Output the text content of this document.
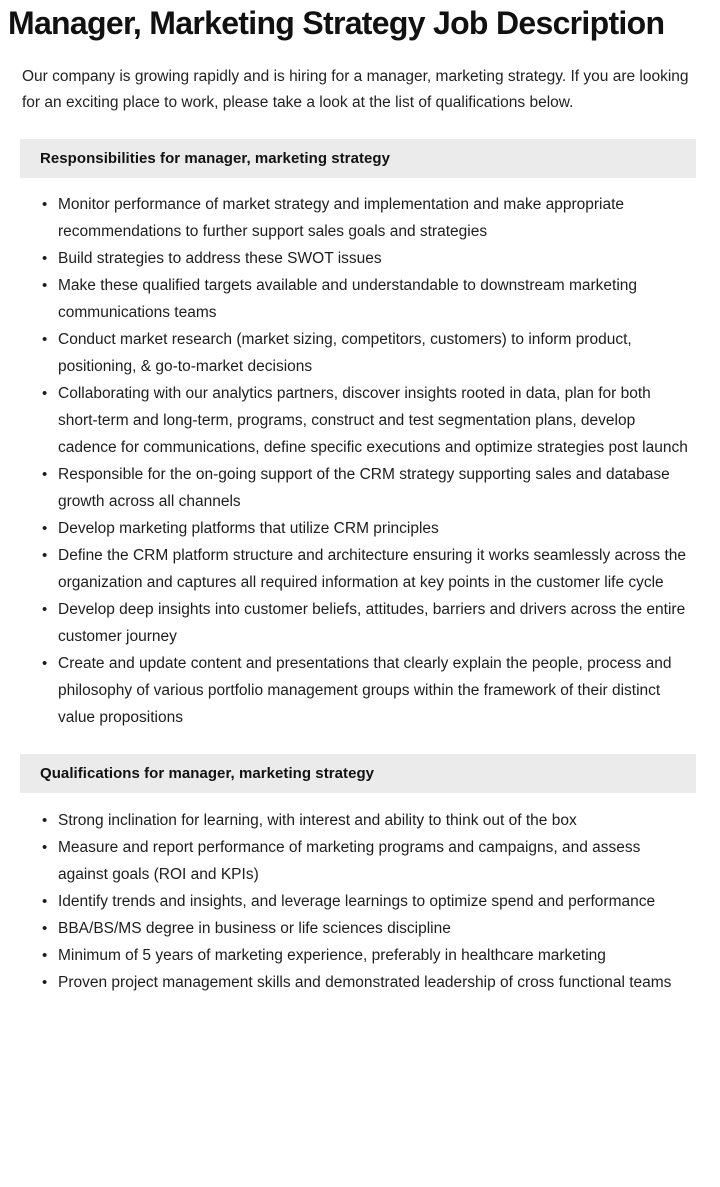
Manager, Marketing Strategy Job Description

Our company is growing rapidly and is hiring for a manager, marketing strategy. If you are looking for an exciting place to work, please take a look at the list of qualifications below.

Responsibilities for manager, marketing strategy
• Monitor performance of market strategy and implementation and make appropriate recommendations to further support sales goals and strategies
• Build strategies to address these SWOT issues
• Make these qualified targets available and understandable to downstream marketing communications teams
• Conduct market research (market sizing, competitors, customers) to inform product, positioning, & go-to-market decisions
• Collaborating with our analytics partners, discover insights rooted in data, plan for both short-term and long-term, programs, construct and test segmentation plans, develop cadence for communications, define specific executions and optimize strategies post launch
• Responsible for the on-going support of the CRM strategy supporting sales and database growth across all channels
• Develop marketing platforms that utilize CRM principles
• Define the CRM platform structure and architecture ensuring it works seamlessly across the organization and captures all required information at key points in the customer life cycle
• Develop deep insights into customer beliefs, attitudes, barriers and drivers across the entire customer journey
• Create and update content and presentations that clearly explain the people, process and philosophy of various portfolio management groups within the framework of their distinct value propositions
Qualifications for manager, marketing strategy
• Strong inclination for learning, with interest and ability to think out of the box
• Measure and report performance of marketing programs and campaigns, and assess against goals (ROI and KPIs)
• Identify trends and insights, and leverage learnings to optimize spend and performance
• BBA/BS/MS degree in business or life sciences discipline
• Minimum of 5 years of marketing experience, preferably in healthcare marketing
• Proven project management skills and demonstrated leadership of cross functional teams
